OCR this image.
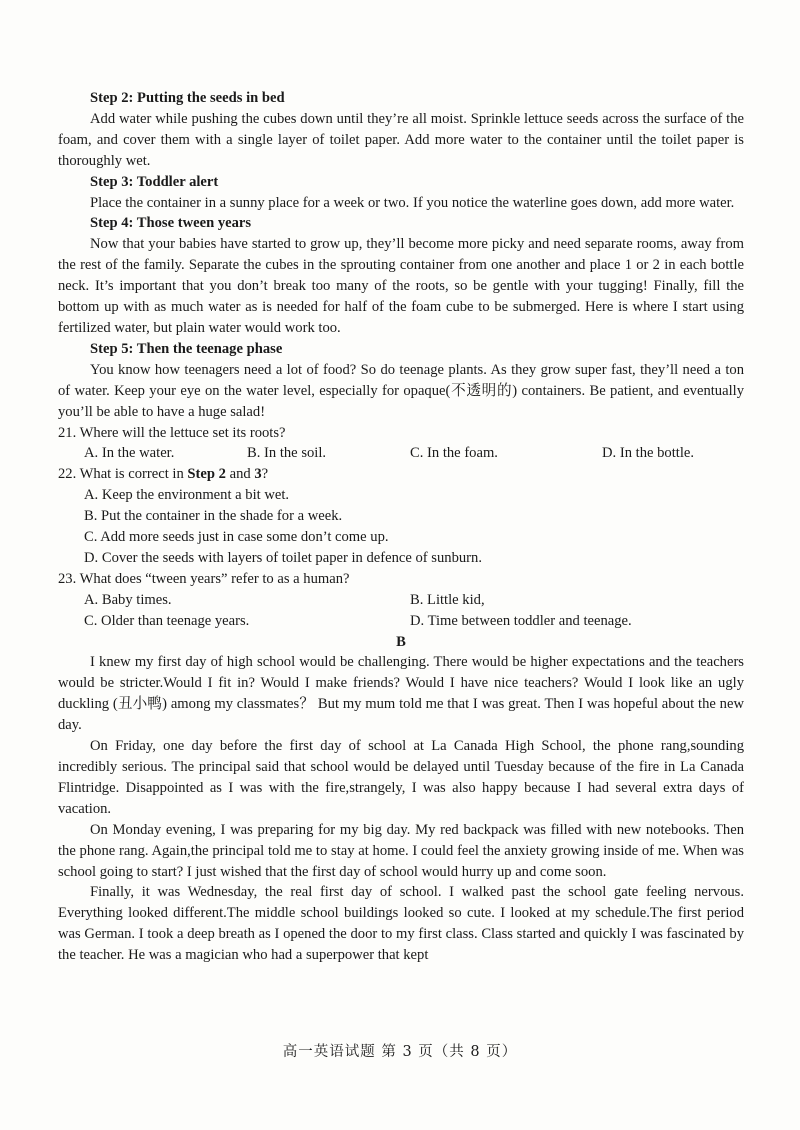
Step 2: Putting the seeds in bed
Add water while pushing the cubes down until they’re all moist. Sprinkle lettuce seeds across the surface of the foam, and cover them with a single layer of toilet paper. Add more water to the container until the toilet paper is thoroughly wet.
Step 3: Toddler alert
Place the container in a sunny place for a week or two. If you notice the waterline goes down, add more water.
Step 4: Those tween years
Now that your babies have started to grow up, they’ll become more picky and need separate rooms, away from the rest of the family. Separate the cubes in the sprouting container from one another and place 1 or 2 in each bottle neck. It’s important that you don’t break too many of the roots, so be gentle with your tugging! Finally, fill the bottom up with as much water as is needed for half of the foam cube to be submerged. Here is where I start using fertilized water, but plain water would work too.
Step 5: Then the teenage phase
You know how teenagers need a lot of food? So do teenage plants. As they grow super fast, they’ll need a ton of water. Keep your eye on the water level, especially for opaque(不透明的) containers. Be patient, and eventually you’ll be able to have a huge salad!
21. Where will the lettuce set its roots?
A. In the water.	B. In the soil.	C. In the foam.	D. In the bottle.
22. What is correct in Step 2 and 3?
A. Keep the environment a bit wet.
B. Put the container in the shade for a week.
C. Add more seeds just in case some don’t come up.
D. Cover the seeds with layers of toilet paper in defence of sunburn.
23. What does “tween years” refer to as a human?
A. Baby times.	B. Little kid,
C. Older than teenage years.	D. Time between toddler and teenage.
B
I knew my first day of high school would be challenging. There would be higher expectations and the teachers would be stricter.Would I fit in? Would I make friends? Would I have nice teachers? Would I look like an ugly duckling (丑小鸭) among my classmates？ But my mum told me that I was great. Then I was hopeful about the new day.
On Friday, one day before the first day of school at La Canada High School, the phone rang,sounding incredibly serious. The principal said that school would be delayed until Tuesday because of the fire in La Canada Flintridge. Disappointed as I was with the fire,strangely, I was also happy because I had several extra days of vacation.
On Monday evening, I was preparing for my big day. My red backpack was filled with new notebooks. Then the phone rang. Again,the principal told me to stay at home. I could feel the anxiety growing inside of me. When was school going to start? I just wished that the first day of school would hurry up and come soon.
Finally, it was Wednesday, the real first day of school. I walked past the school gate feeling nervous. Everything looked different.The middle school buildings looked so cute. I looked at my schedule.The first period was German. I took a deep breath as I opened the door to my first class. Class started and quickly I was fascinated by the teacher. He was a magician who had a superpower that kept
高一英语试题 第 3 页（共 8 页）
